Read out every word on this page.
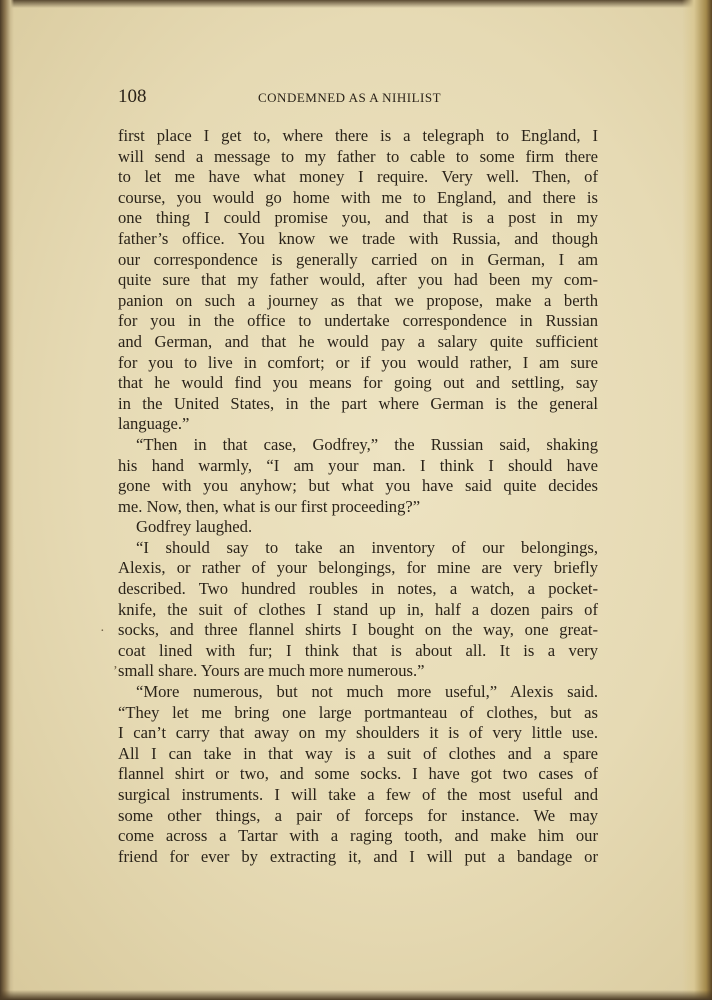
108	CONDEMNED AS A NIHILIST
·
’
first place I get to, where there is a telegraph to England, I
will send a message to my father to cable to some firm there
to let me have what money I require. Very well. Then, of
course, you would go home with me to England, and there is
one thing I could promise you, and that is a post in my
father’s office. You know we trade with Russia, and though
our correspondence is generally carried on in German, I am
quite sure that my father would, after you had been my com-
panion on such a journey as that we propose, make a berth
for you in the office to undertake correspondence in Russian
and German, and that he would pay a salary quite sufficient
for you to live in comfort; or if you would rather, I am sure
that he would find you means for going out and settling, say
in the United States, in the part where German is the general
language.”
“Then in that case, Godfrey,” the Russian said, shaking
his hand warmly, “I am your man. I think I should have
gone with you anyhow; but what you have said quite decides
me. Now, then, what is our first proceeding?”
Godfrey laughed.
“I should say to take an inventory of our belongings,
Alexis, or rather of your belongings, for mine are very briefly
described. Two hundred roubles in notes, a watch, a pocket-
knife, the suit of clothes I stand up in, half a dozen pairs of
socks, and three flannel shirts I bought on the way, one great-
coat lined with fur; I think that is about all. It is a very
small share. Yours are much more numerous.”
“More numerous, but not much more useful,” Alexis said.
“They let me bring one large portmanteau of clothes, but as
I can’t carry that away on my shoulders it is of very little use.
All I can take in that way is a suit of clothes and a spare
flannel shirt or two, and some socks. I have got two cases of
surgical instruments. I will take a few of the most useful and
some other things, a pair of forceps for instance. We may
come across a Tartar with a raging tooth, and make him our
friend for ever by extracting it, and I will put a bandage or
